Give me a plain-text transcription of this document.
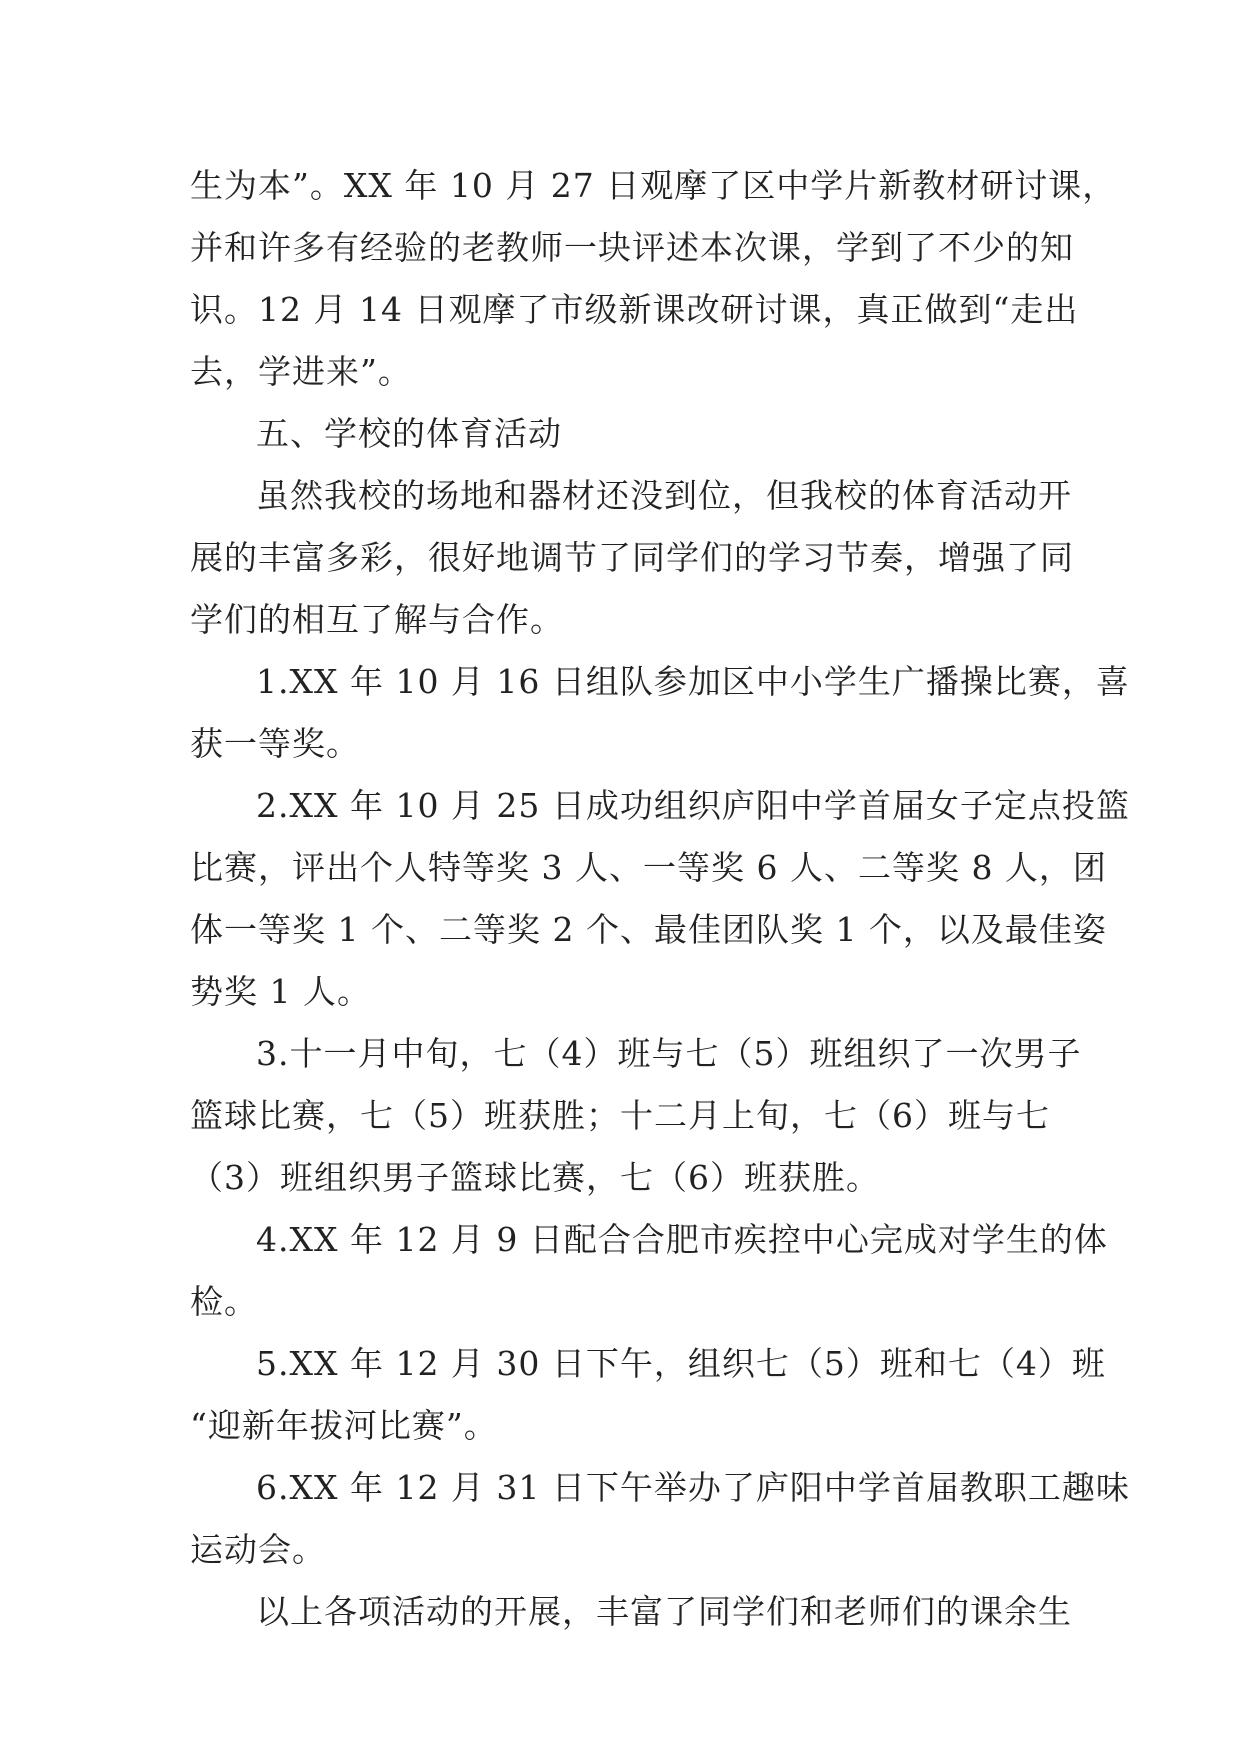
生为本”。XX 年 10 月 27 日观摩了区中学片新教材研讨课，
并和许多有经验的老教师一块评述本次课，学到了不少的知
识。12 月 14 日观摩了市级新课改研讨课，真正做到“走出
去，学进来”。
五、学校的体育活动
虽然我校的场地和器材还没到位，但我校的体育活动开
展的丰富多彩，很好地调节了同学们的学习节奏，增强了同
学们的相互了解与合作。
1.XX 年 10 月 16 日组队参加区中小学生广播操比赛，喜
获一等奖。
2.XX 年 10 月 25 日成功组织庐阳中学首届女子定点投篮
比赛，评出个人特等奖 3 人、一等奖 6 人、二等奖 8 人，团
体一等奖 1 个、二等奖 2 个、最佳团队奖 1 个，以及最佳姿
势奖 1 人。
3.十一月中旬，七（4）班与七（5）班组织了一次男子
篮球比赛，七（5）班获胜；十二月上旬，七（6）班与七
（3）班组织男子篮球比赛，七（6）班获胜。
4.XX 年 12 月 9 日配合合肥市疾控中心完成对学生的体
检。
5.XX 年 12 月 30 日下午，组织七（5）班和七（4）班
“迎新年拔河比赛”。
6.XX 年 12 月 31 日下午举办了庐阳中学首届教职工趣味
运动会。
以上各项活动的开展，丰富了同学们和老师们的课余生
